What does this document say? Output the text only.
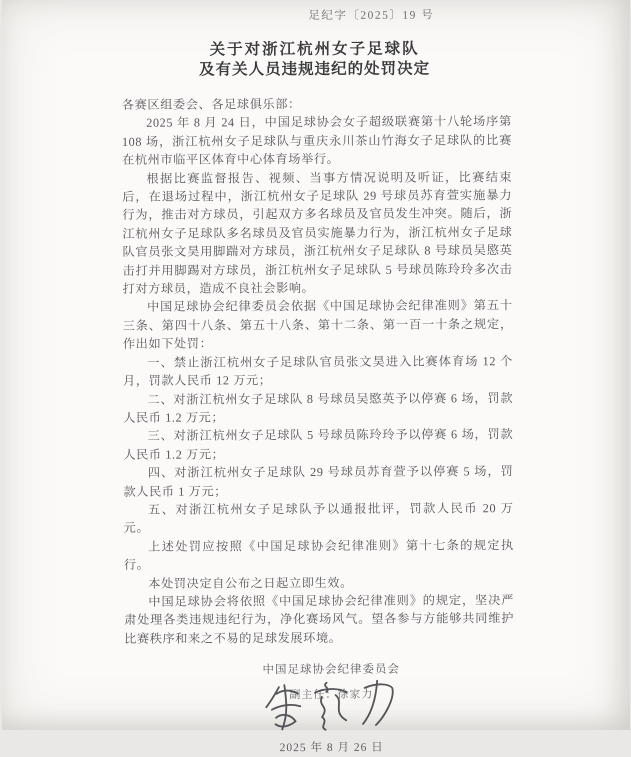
足纪字〔2025〕19 号
关于对浙江杭州女子足球队
及有关人员违规违纪的处罚决定

各赛区组委会、各足球俱乐部：

2025 年 8 月 24 日，中国足球协会女子超级联赛第十八轮场序第 108 场，浙江杭州女子足球队与重庆永川茶山竹海女子足球队的比赛在杭州市临平区体育中心体育场举行。

根据比赛监督报告、视频、当事方情况说明及听证，比赛结束后，在退场过程中，浙江杭州女子足球队 29 号球员苏育萱实施暴力行为，推击对方球员，引起双方多名球员及官员发生冲突。随后，浙江杭州女子足球队多名球员及官员实施暴力行为，浙江杭州女子足球队官员张文昊用脚踹对方球员，浙江杭州女子足球队 8 号球员吴愍英击打并用脚踢对方球员，浙江杭州女子足球队 5 号球员陈玲玲多次击打对方球员，造成不良社会影响。

中国足球协会纪律委员会依据《中国足球协会纪律准则》第五十三条、第四十八条、第五十八条、第十二条、第一百一十条之规定，作出如下处罚：

一、禁止浙江杭州女子足球队官员张文昊进入比赛体育场 12 个月，罚款人民币 12 万元；

二、对浙江杭州女子足球队 8 号球员吴愍英予以停赛 6 场，罚款人民币 1.2 万元；

三、对浙江杭州女子足球队 5 号球员陈玲玲予以停赛 6 场，罚款人民币 1.2 万元；

四、对浙江杭州女子足球队 29 号球员苏育萱予以停赛 5 场，罚款人民币 1 万元；

五、对浙江杭州女子足球队予以通报批评，罚款人民币 20 万元。

上述处罚应按照《中国足球协会纪律准则》第十七条的规定执行。

本处罚决定自公布之日起立即生效。

中国足球协会将依照《中国足球协会纪律准则》的规定，坚决严肃处理各类违规违纪行为，净化赛场风气。望各参与方能够共同维护比赛秩序和来之不易的足球发展环境。

中国足球协会纪律委员会
副主任：徐家力
2025 年 8 月 26 日
